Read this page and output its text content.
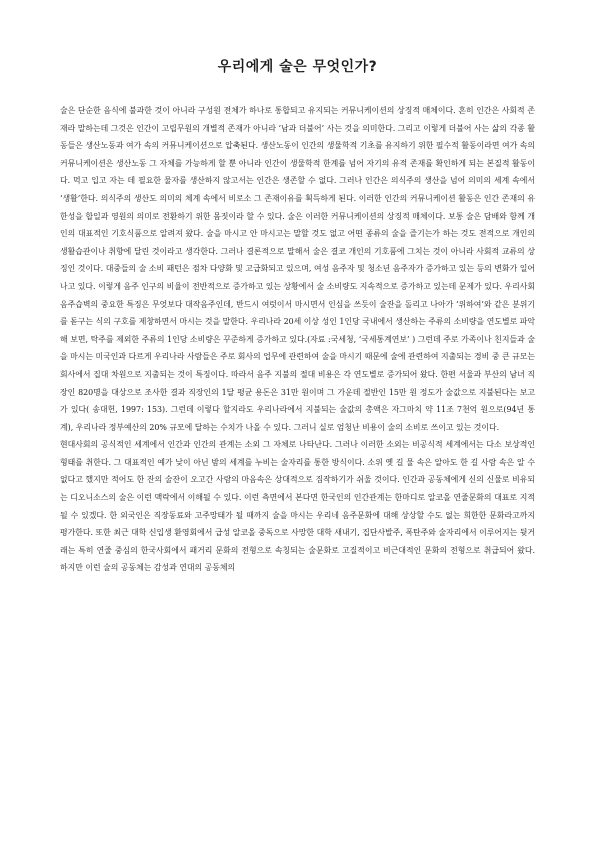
우리에게 술은 무엇인가?

술은 단순한 음식에 불과한 것이 아니라 구성원 전체가 하나로 통합되고 유지되는 커뮤니케이션의 상징적 매체이다. 흔히 인간은 사회적 존재라 말하는데 그것은 인간이 고립무원의 개별적 존재가 아니라 ‘남과 더불어’ 사는 것을 의미한다. 그리고 이렇게 더불어 사는 삶의 각종 활동들은 생산노동과 여가 속의 커뮤니케이션으로 압축된다. 생산노동이 인간의 생물학적 기초를 유지하기 위한 필수적 활동이라면 여가 속의 커뮤니케이션은 생산노동 그 자체를 가능하게 할 뿐 아니라 인간이 생물학적 한계를 넘어 자기의 유적 존재를 확인하게 되는 본질적 활동이다. 먹고 입고 자는 데 필요한 물자를 생산하지 않고서는 인간은 생존할 수 없다. 그러나 인간은 의식주의 생산을 넘어 의미의 세계 속에서 ‘생활’한다. 의식주의 생산도 의미의 체계 속에서 비로소 그 존재이유를 획득하게 된다. 이러한 인간의 커뮤니케이션 활동은 인간 존재의 유한성을 합일과 영원의 의미로 전환하기 위한 몸짓이라 할 수 있다. 술은 이러한 커뮤니케이션의 상징적 매체이다. 보통 술은 담배와 함께 개인의 대표적인 기호식품으로 알려져 왔다. 술을 마시고 안 마시고는 말할 것도 없고 어떤 종류의 술을 즐기는가 하는 것도 전적으로 개인의 생활습관이나 취향에 달린 것이라고 생각한다. 그러나 결론적으로 말해서 술은 결코 개인의 기호품에 그치는 것이 아니라 사회적 교류의 상징인 것이다. 대중들의 술 소비 패턴은 점차 다양화 및 고급화되고 있으며, 여성 음주자 및 청소년 음주자가 증가하고 있는 등의 변화가 일어나고 있다. 이렇게 음주 인구의 비율이 전반적으로 증가하고 있는 상황에서 술 소비량도 지속적으로 증가하고 있는데 문제가 있다. 우리사회 음주습벽의 중요한 특징은 무엇보다 대작음주인데, 반드시 여럿이서 마시면서 인심을 쓰듯이 술잔을 돌리고 나아가 ‘위하여’와 같은 분위기를 돋구는 식의 구호를 제창하면서 마시는 것을 말한다. 우리나라 20세 이상 성인 1인당 국내에서 생산하는 주류의 소비량을 연도별로 파악해 보면, 탁주를 제외한 주류의 1인당 소비량은 꾸준하게 증가하고 있다.(자료 :국세청, ‘국세통계연보’ ) 그런데 주로 가족이나 친지들과 술을 마시는 미국인과 다르게 우리나라 사람들은 주로 회사의 업무에 관련하여 술을 마시기 때문에 술에 관련하여 지출되는 경비 중 큰 규모는 회사에서 집대 차원으로 지출되는 것이 특징이다. 따라서 음주 지불의 절대 비용은 각 연도별로 증가되어 왔다. 한편 서울과 부산의 남녀 직장인 820명을 대상으로 조사한 결과 직장인의 1달 평균 용돈은 31만 원이며 그 가운데 절반인 15만 원 정도가 술값으로 지불된다는 보고가 있다( 송대헌, 1997: 153). 그런데 이렇다 할지라도 우리나라에서 지불되는 술값의 총액은 자그마치 약 11조 7천억 원으로(94년 통계), 우리나라 정부예산의 20% 규모에 달하는 수치가 나올 수 있다. 그러니 실로 엄청난 비용이 술의 소비로 쓰이고 있는 것이다.

현대사회의 공식적인 세계에서 인간과 인간의 관계는 소외 그 자체로 나타난다. 그러나 이러한 소외는 비공식적 세계에서는 다소 보상적인 형태를 취한다. 그 대표적인 예가 낮이 아닌 밤의 세계를 누비는 술자리를 통한 방식이다. 소위 옛 길 물 속은 알아도 한 길 사람 속은 알 수 없다고 했지만 적어도 한 잔의 술잔이 오고간 사람의 마음속은 상대적으로 짐작하기가 쉬울 것이다. 인간과 공동체에게 신의 신물로 비유되는 디오니소스의 술은 이런 맥락에서 이해될 수 있다. 이런 측면에서 본다면 한국인의 인간관계는 한마디로 알코올 연줄문화의 대표로 지적될 수 있겠다. 한 외국인은 직장동료와 고주망태가 될 때까지 술을 마시는 우리네 음주문화에 대해 상상할 수도 없는 희한한 문화라고까지 평가한다. 또한 최근 대학 신입생 환영회에서 급성 알코올 중독으로 사망한 대학 새내기, 집단사발주, 폭탄주와 술자리에서 이루어지는 뒷거래는 특히 연줄 중심의 한국사회에서 패거리 문화의 전형으로 속칭되는 술문화로 고질적이고 비근대적인 문화의 전형으로 취급되어 왔다. 하지만 이런 술의 공동체는 감성과 연대의 공동체의
